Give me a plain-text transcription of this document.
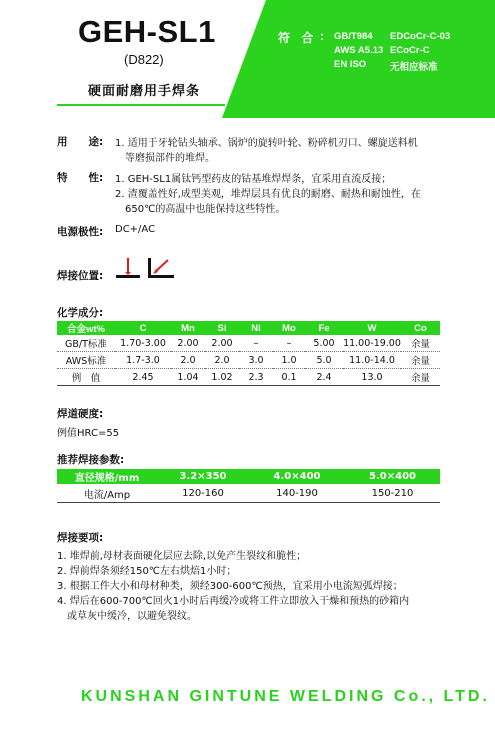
GEH-SL1
(D822)
硬面耐磨用手焊条
符 合 : GB/T984 EDCoCr-C-03
AWS A5.13 ECoCr-C
EN ISO	无相应标准
用　　途: 1. 适用于牙轮钻头轴承、锅炉的旋转叶轮、粉碎机刃口、螺旋送料机
等磨损部件的堆焊。
特　　性: 1. GEH-SL1属钛钙型药皮的钴基堆焊焊条，宜采用直流反接；
2. 渣覆盖性好,成型美观，堆焊层具有优良的耐磨、耐热和耐蚀性，在
650℃的高温中也能保持这些特性。
电源极性: DC+/AC
焊接位置:
化学成分:
合金wt%	C	Mn	Si	Ni	Mo	Fe	W	Co
GB/T标准	1.70-3.00	2.00	2.00	–	–	5.00	11.00-19.00	余量
AWS标准	1.7-3.0	2.0	2.0	3.0	1.0	5.0	11.0-14.0	余量
例　值	2.45	1.04	1.02	2.3	0.1	2.4	13.0	余量
焊道硬度:
例值HRC=55
推荐焊接参数:
直径规格/mm	3.2×350	4.0×400	5.0×400
电流/Amp	120-160	140-190	150-210
焊接要项:
1. 堆焊前,母材表面硬化层应去除,以免产生裂纹和脆性；
2. 焊前焊条须经150℃左右烘焙1小时；
3. 根据工件大小和母材种类，须经300-600℃预热，宜采用小电流短弧焊接；
4. 焊后在600-700℃回火1小时后再缓冷或将工件立即放入干燥和预热的砂箱内
或草灰中缓冷，以避免裂纹。
KUNSHAN GINTUNE WELDING Co., LTD.
